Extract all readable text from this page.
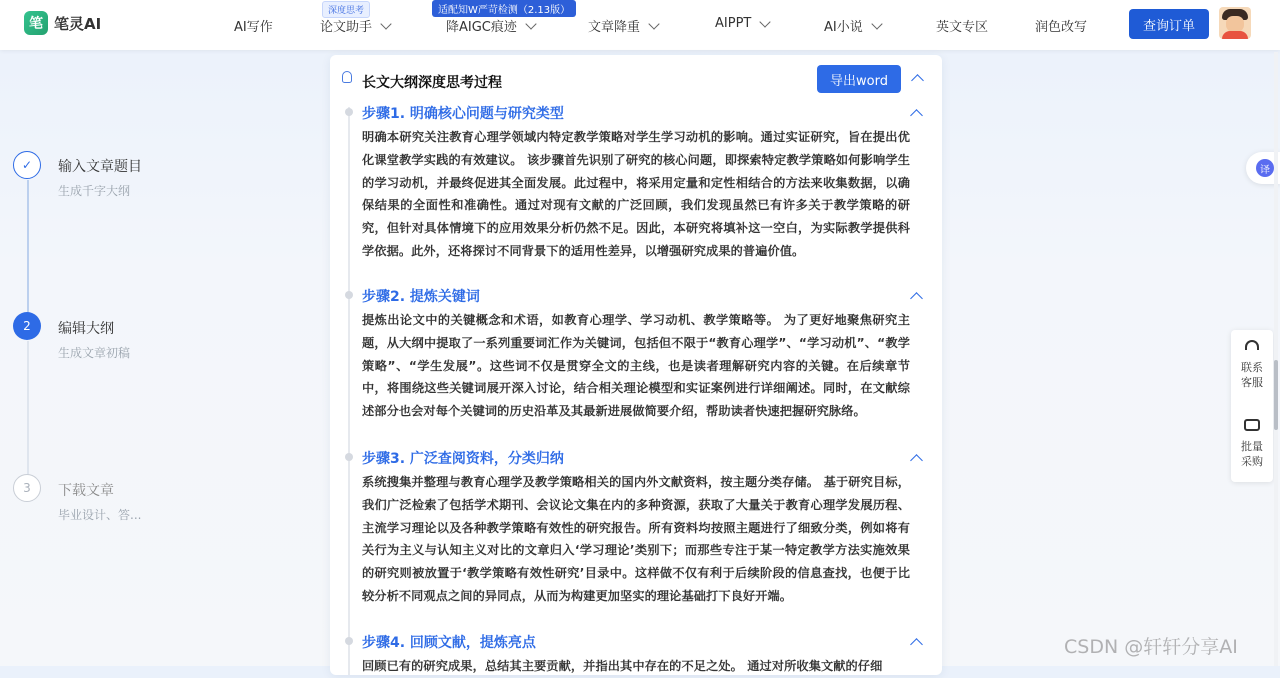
笔 笔灵AI	AI写作	论文助手	降AIGC痕迹	文章降重	AIPPT	AI小说	英文专区	润色改写
深度思考	适配知W严苛检测（2.13版）
查询订单
✓	输入文章题目
生成千字大纲
2	编辑大纲
生成文章初稿
3	下载文章
毕业设计、答...
长文大纲深度思考过程	导出word
步骤1. 明确核心问题与研究类型
明确本研究关注教育心理学领域内特定教学策略对学生学习动机的影响。通过实证研究，旨在提出优化课堂教学实践的有效建议。 该步骤首先识别了研究的核心问题，即探索特定教学策略如何影响学生的学习动机，并最终促进其全面发展。此过程中，将采用定量和定性相结合的方法来收集数据，以确保结果的全面性和准确性。通过对现有文献的广泛回顾，我们发现虽然已有许多关于教学策略的研究，但针对具体情境下的应用效果分析仍然不足。因此，本研究将填补这一空白，为实际教学提供科学依据。此外，还将探讨不同背景下的适用性差异，以增强研究成果的普遍价值。
步骤2. 提炼关键词
提炼出论文中的关键概念和术语，如教育心理学、学习动机、教学策略等。 为了更好地聚焦研究主题，从大纲中提取了一系列重要词汇作为关键词，包括但不限于“教育心理学”、“学习动机”、“教学策略”、“学生发展”。这些词不仅是贯穿全文的主线，也是读者理解研究内容的关键。在后续章节中，将围绕这些关键词展开深入讨论，结合相关理论模型和实证案例进行详细阐述。同时，在文献综述部分也会对每个关键词的历史沿革及其最新进展做简要介绍，帮助读者快速把握研究脉络。
步骤3. 广泛查阅资料，分类归纳
系统搜集并整理与教育心理学及教学策略相关的国内外文献资料，按主题分类存储。 基于研究目标，我们广泛检索了包括学术期刊、会议论文集在内的多种资源，获取了大量关于教育心理学发展历程、主流学习理论以及各种教学策略有效性的研究报告。所有资料均按照主题进行了细致分类，例如将有关行为主义与认知主义对比的文章归入‘学习理论’类别下；而那些专注于某一特定教学方法实施效果的研究则被放置于‘教学策略有效性研究’目录中。这样做不仅有利于后续阶段的信息查找，也便于比较分析不同观点之间的异同点，从而为构建更加坚实的理论基础打下良好开端。
步骤4. 回顾文献，提炼亮点
回顾已有的研究成果，总结其主要贡献，并指出其中存在的不足之处。 通过对所收集文献的仔细
译
联系客服
批量采购
CSDN @轩轩分享AI
